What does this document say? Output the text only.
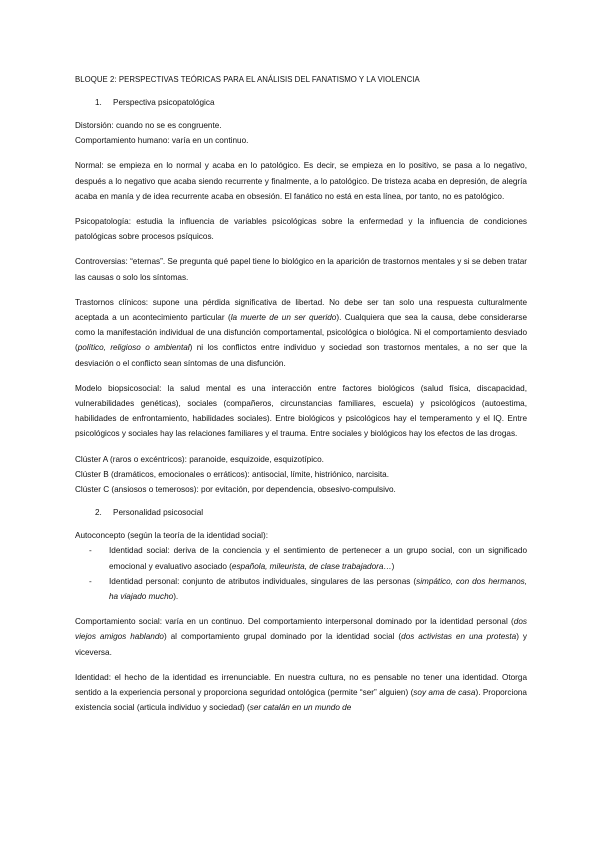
BLOQUE 2: PERSPECTIVAS TEÓRICAS PARA EL ANÁLISIS DEL FANATISMO Y LA VIOLENCIA

1.	Perspectiva psicopatológica

Distorsión: cuando no se es congruente.

Comportamiento humano: varía en un continuo.

Normal: se empieza en lo normal y acaba en lo patológico. Es decir, se empieza en lo positivo, se pasa a lo negativo, después a lo negativo que acaba siendo recurrente y finalmente, a lo patológico. De tristeza acaba en depresión, de alegría acaba en manía y de idea recurrente acaba en obsesión. El fanático no está en esta línea, por tanto, no es patológico.

Psicopatología: estudia la influencia de variables psicológicas sobre la enfermedad y la influencia de condiciones patológicas sobre procesos psíquicos.

Controversias: “eternas”. Se pregunta qué papel tiene lo biológico en la aparición de trastornos mentales y si se deben tratar las causas o solo los síntomas.

Trastornos clínicos: supone una pérdida significativa de libertad. No debe ser tan solo una respuesta culturalmente aceptada a un acontecimiento particular (la muerte de un ser querido). Cualquiera que sea la causa, debe considerarse como la manifestación individual de una disfunción comportamental, psicológica o biológica. Ni el comportamiento desviado (político, religioso o ambiental) ni los conflictos entre individuo y sociedad son trastornos mentales, a no ser que la desviación o el conflicto sean síntomas de una disfunción.

Modelo biopsicosocial: la salud mental es una interacción entre factores biológicos (salud física, discapacidad, vulnerabilidades genéticas), sociales (compañeros, circunstancias familiares, escuela) y psicológicos (autoestima, habilidades de enfrontamiento, habilidades sociales). Entre biológicos y psicológicos hay el temperamento y el IQ. Entre psicológicos y sociales hay las relaciones familiares y el trauma. Entre sociales y biológicos hay los efectos de las drogas.

Clúster A (raros o excéntricos): paranoide, esquizoide, esquizotípico.

Clúster B (dramáticos, emocionales o erráticos): antisocial, límite, histriónico, narcisita.

Clúster C (ansiosos o temerosos): por evitación, por dependencia, obsesivo-compulsivo.

2.	Personalidad psicosocial

Autoconcepto (según la teoría de la identidad social):

-	Identidad social: deriva de la conciencia y el sentimiento de pertenecer a un grupo social, con un significado emocional y evaluativo asociado (española, mileurista, de clase trabajadora…)
-	Identidad personal: conjunto de atributos individuales, singulares de las personas (simpático, con dos hermanos, ha viajado mucho).

Comportamiento social: varía en un continuo. Del comportamiento interpersonal dominado por la identidad personal (dos viejos amigos hablando) al comportamiento grupal dominado por la identidad social (dos activistas en una protesta) y viceversa.

Identidad: el hecho de la identidad es irrenunciable. En nuestra cultura, no es pensable no tener una identidad. Otorga sentido a la experiencia personal y proporciona seguridad ontológica (permite “ser” alguien) (soy ama de casa). Proporciona existencia social (articula individuo y sociedad) (ser catalán en un mundo de
